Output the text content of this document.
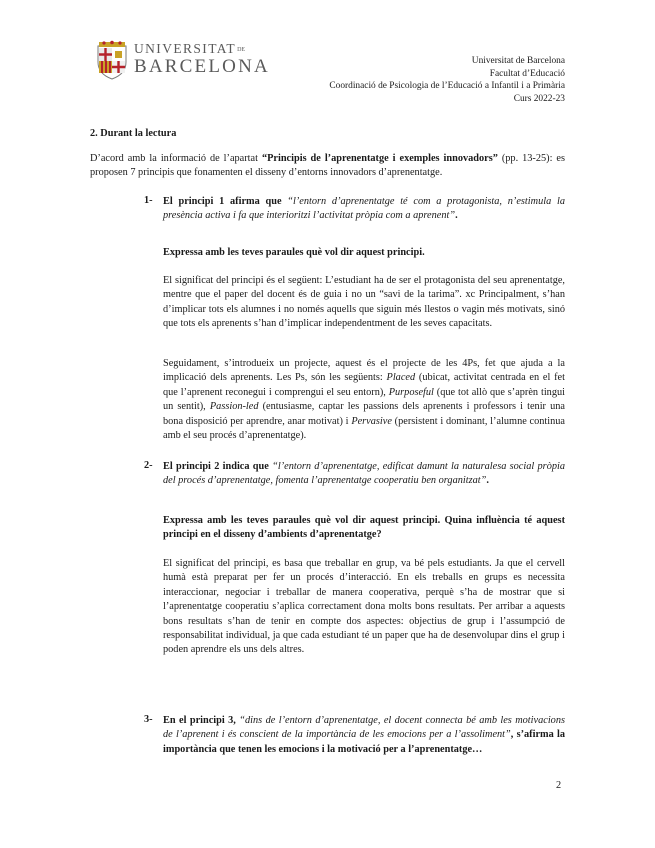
UNIVERSITATDE
BARCELONA	Universitat de Barcelona
Facultat d’Educació
Coordinació de Psicologia de l’Educació a Infantil i a Primària
Curs 2022-23
2. Durant la lectura
D’acord amb la informació de l’apartat “Principis de l’aprenentatge i exemples innovadors” (pp. 13-25): es proposen 7 principis que fonamenten el disseny d’entorns innovadors d’aprenentatge.
1- El principi 1 afirma que “l’entorn d’aprenentatge té com a protagonista, n’estimula la presència activa i fa que interioritzi l’activitat pròpia com a aprenent”.
Expressa amb les teves paraules què vol dir aquest principi.
El significat del principi és el següent: L’estudiant ha de ser el protagonista del seu aprenentatge, mentre que el paper del docent és de guia i no un “savi de la tarima”. xc Principalment, s’han d’implicar tots els alumnes i no només aquells que siguin més llestos o vagin més motivats, sinó que tots els aprenents s’han d’implicar independentment de les seves capacitats.
Seguidament, s’introdueix un projecte, aquest és el projecte de les 4Ps, fet que ajuda a la implicació dels aprenents. Les Ps, són les següents: Placed (ubicat, activitat centrada en el fet que l’aprenent reconegui i comprengui el seu entorn), Purposeful (que tot allò que s’aprèn tingui un sentit), Passion-led (entusiasme, captar les passions dels aprenents i professors i tenir una bona disposició per aprendre, anar motivat) i Pervasive (persistent i dominant, l’alumne continua amb el seu procés d’aprenentatge).
2- El principi 2 indica que “l’entorn d’aprenentatge, edificat damunt la naturalesa social pròpia del procés d’aprenentatge, fomenta l’aprenentatge cooperatiu ben organitzat”.
Expressa amb les teves paraules què vol dir aquest principi. Quina influència té aquest principi en el disseny d’ambients d’aprenentatge?
El significat del principi, es basa que treballar en grup, va bé pels estudiants. Ja que el cervell humà està preparat per fer un procés d’interacció. En els treballs en grups es necessita interaccionar, negociar i treballar de manera cooperativa, perquè s’ha de mostrar que si l’aprenentatge cooperatiu s’aplica correctament dona molts bons resultats. Per arribar a aquests bons resultats s’han de tenir en compte dos aspectes: objectius de grup i l’assumpció de responsabilitat individual, ja que cada estudiant té un paper que ha de desenvolupar dins el grup i poden aprendre els uns dels altres.
3- En el principi 3, “dins de l’entorn d’aprenentatge, el docent connecta bé amb les motivacions de l’aprenent i és conscient de la importància de les emocions per a l’assoliment”, s’afirma la importància que tenen les emocions i la motivació per a l’aprenentatge…
2
